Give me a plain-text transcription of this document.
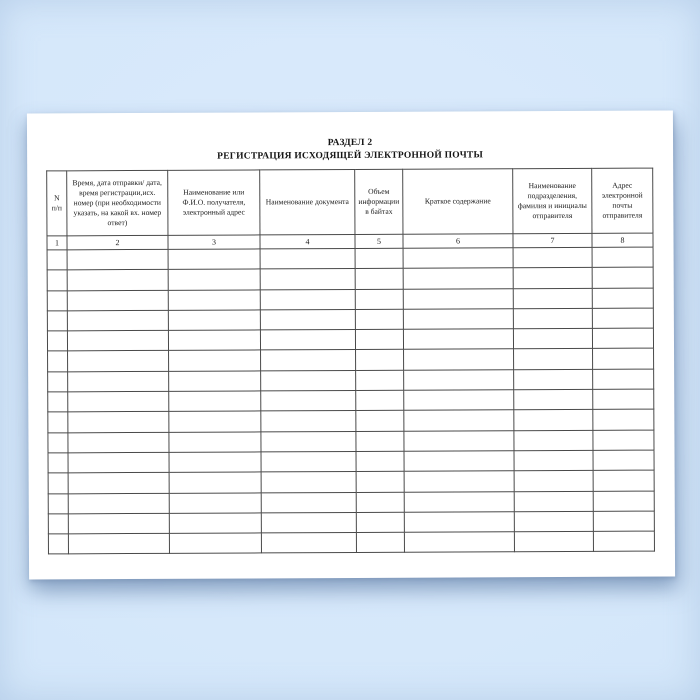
РАЗДЕЛ 2
РЕГИСТРАЦИЯ ИСХОДЯЩЕЙ ЭЛЕКТРОННОЙ ПОЧТЫ
N
п/п	Время, дата отправки/ дата, время регистрации,исх. номер (при необходимости указать, на какой вх. номер ответ)	Наименование или Ф.И.О. получателя, электронный адрес	Наименование документа	Объем информации в байтах	Краткое содержание	Наименование подразделения, фамилия и инициалы отправителя	Адрес электронной почты отправителя
1	2	3	4	5	6	7	8
